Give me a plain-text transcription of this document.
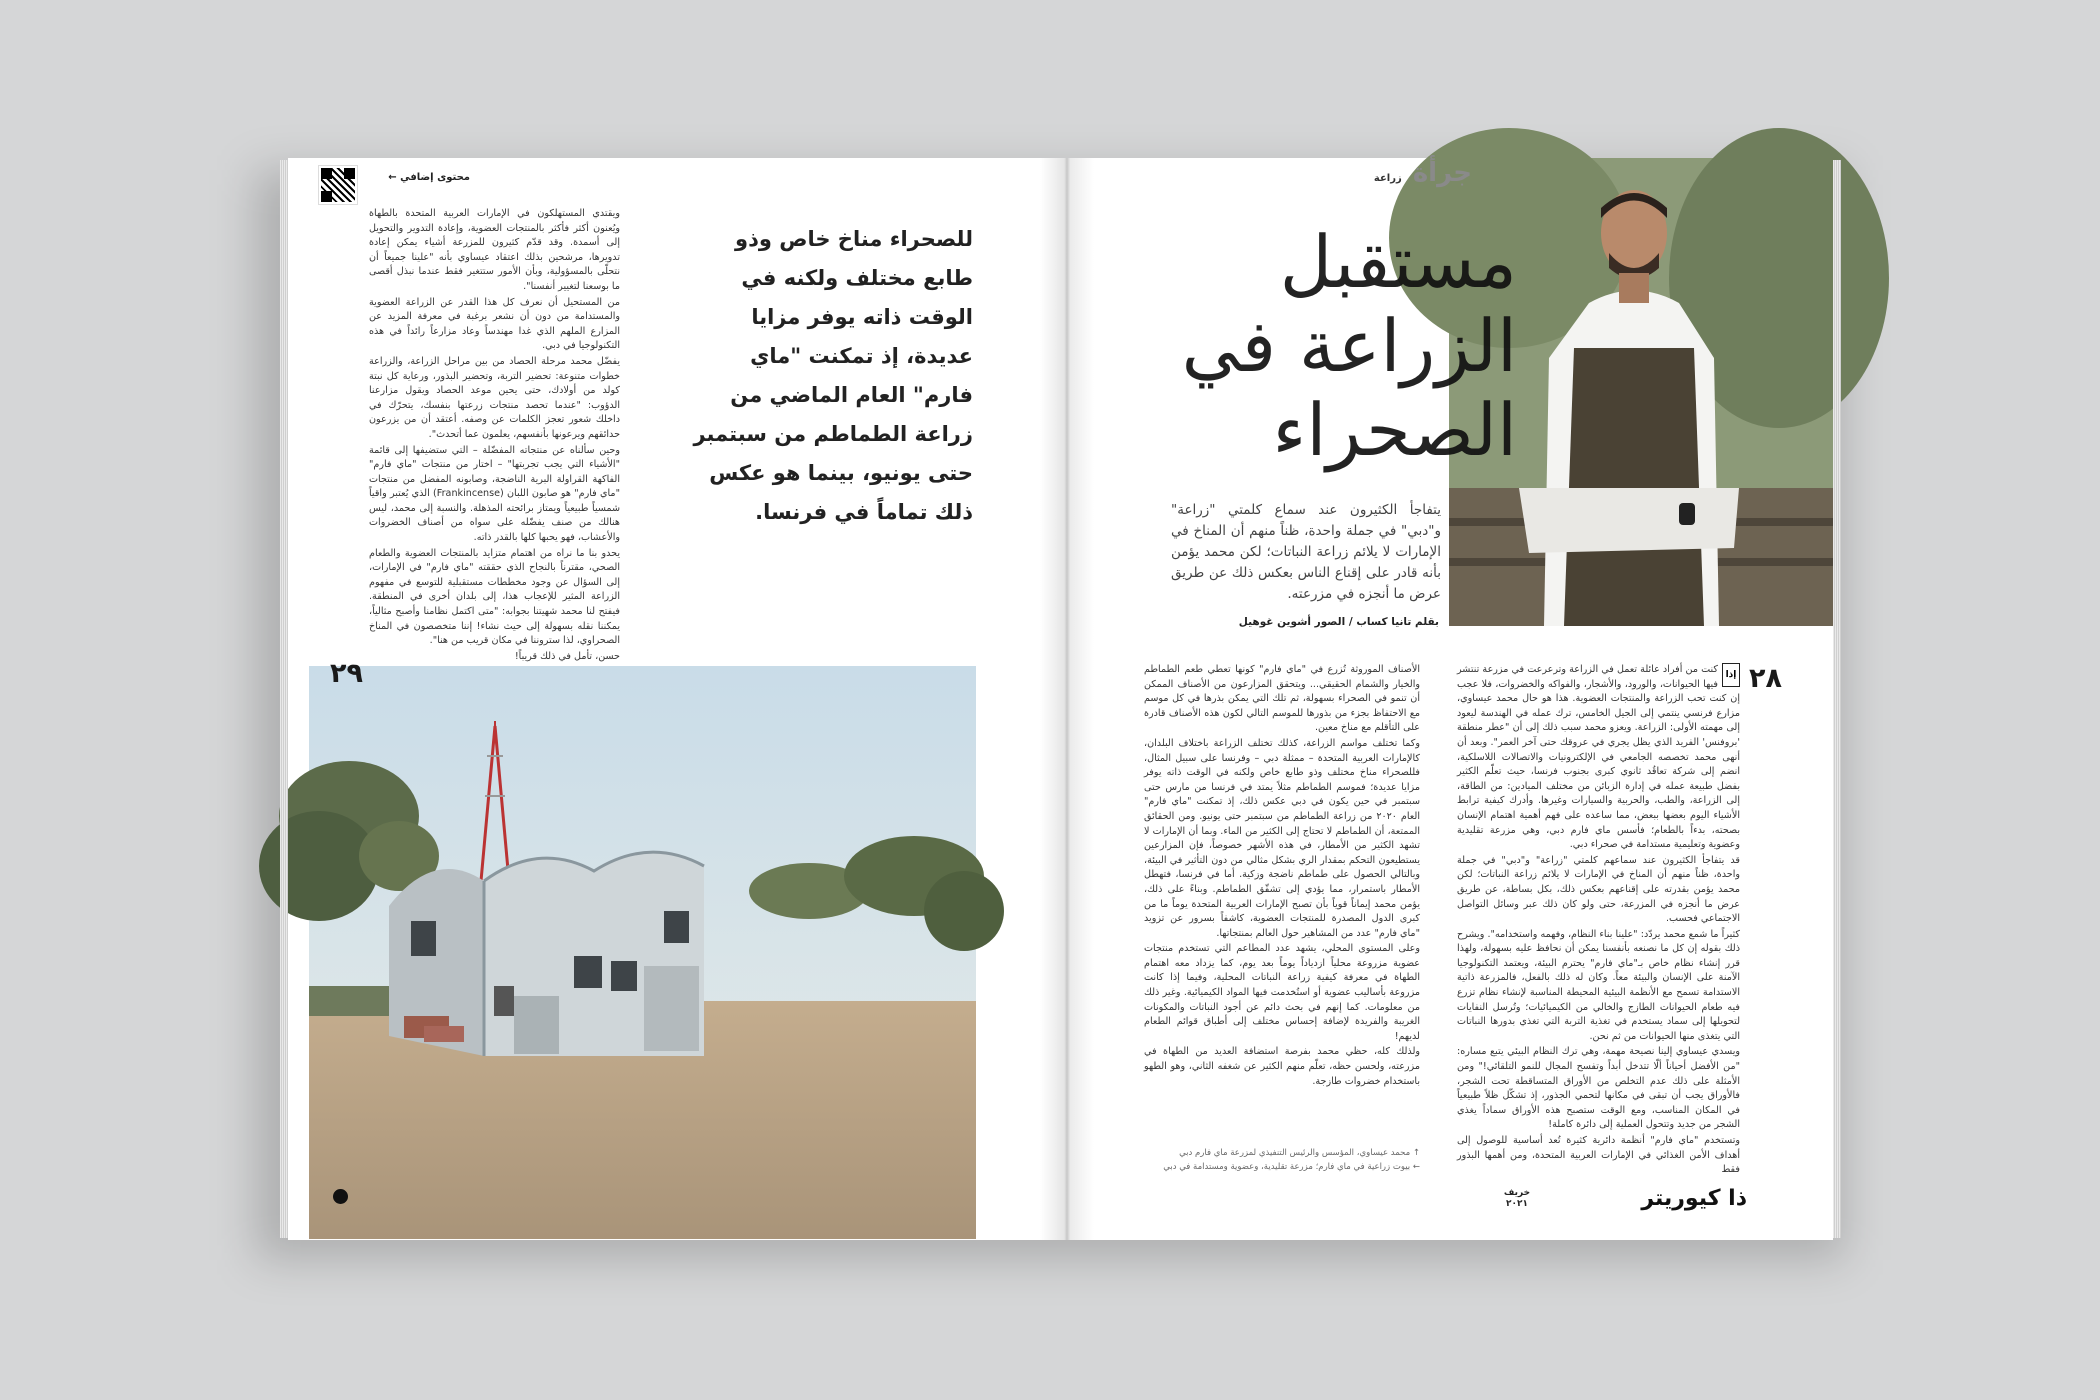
محتوى إضافي ←

ويقتدي المستهلكون في الإمارات العربية المتحدة بالطهاة ويُعنون أكثر فأكثر بالمنتجات العضوية، وإعادة التدوير والتحويل إلى أسمدة. وقد قدّم كثيرون للمزرعة أشياء يمكن إعادة تدويرها، مرشحين بذلك اعتقاد عيساوي بأنه "علينا جميعاً أن نتحلّى بالمسؤولية، وبأن الأمور ستتغير فقط عندما نبذل أقصى ما بوسعنا لتغيير أنفسنا".

من المستحيل أن نعرف كل هذا القدر عن الزراعة العضوية والمستدامة من دون أن نشعر برغبة في معرفة المزيد عن المزارع الملهم الذي غدا مهندساً وعاد مزارعاً رائداً في هذه التكنولوجيا في دبي.

يفضّل محمد مرحلة الحصاد من بين مراحل الزراعة، والزراعة خطوات متنوعة: تحضير التربة، وتحضير البذور، ورعاية كل نبتة كولد من أولادك، حتى يحين موعد الحصاد ويقول مزارعنا الدؤوب: "عندما تحصد منتجات زرعتها بنفسك، يتحرّك في داخلك شعور تعجز الكلمات عن وصفه. أعتقد أن من يزرعون حدائقهم ويرعونها بأنفسهم، يعلمون عما أتحدث".

وحين سألناه عن منتجاته المفضّلة – التي ستضيفها إلى قائمة "الأشياء التي يجب تجربتها" – اختار من منتجات "ماي فارم" الفاكهة القراولة البرية الناضجة، وصابونه المفضل من منتجات "ماي فارم" هو صابون اللبان (Frankincense) الذي يُعتبر واقياً شمسياً طبيعياً ويمتاز برائحته المذهلة. والنسبة إلى محمد، ليس هنالك من صنف يفضّله على سواه من أصناف الخضروات والأعشاب، فهو يحبها كلها بالقدر ذاته.

يحدو بنا ما نراه من اهتمام متزايد بالمنتجات العضوية والطعام الصحي، مقترناً بالنجاح الذي حققته "ماي فارم" في الإمارات، إلى السؤال عن وجود مخططات مستقبلية للتوسع في مفهوم الزراعة المثير للإعجاب هذا، إلى بلدان أخرى في المنطقة. فيفتح لنا محمد شهيتنا بجوابه: "متى اكتمل نظامنا وأصبح مثالياً، يمكننا نقله بسهولة إلى حيث نشاء! إننا متخصصون في المناخ الصحراوي، لذا ستروننا في مكان قريب من هنا".

حسن، تأمل في ذلك قريباً!

للصحراء مناخ خاص وذو طابع مختلف ولكنه في الوقت ذاته يوفر مزايا عديدة، إذ تمكنت "ماي فارم" العام الماضي من زراعة الطماطم من سبتمبر حتى يونيو، بينما هو عكس ذلك تماماً في فرنسا.
٢٩
جرأة زراعة
مستقبل الزراعة في الصحراء
يتفاجأ الكثيرون عند سماع كلمتي "زراعة" و"دبي" في جملة واحدة، ظناً منهم أن المناخ في الإمارات لا يلائم زراعة النباتات؛ لكن محمد يؤمن بأنه قادر على إقناع الناس بعكس ذلك عن طريق عرض ما أنجزه في مزرعته.
بقلم تانيا كساب / الصور أشوين غوهيل
٢٨
إذا

كنت من أفراد عائلة تعمل في الزراعة وترعرعت في مزرعة تنتشر فيها الحيوانات، والورود، والأشجار، والفواكه والخضروات، فلا عجب إن كنت تحب الزراعة والمنتجات العضوية. هذا هو حال محمد عيساوي، مزارع فرنسي ينتمي إلى الجيل الخامس، ترك عمله في الهندسة ليعود إلى مهمته الأولى: الزراعة. ويعزو محمد سبب ذلك إلى أن "عطر منطقة 'بروفنس' الفريد الذي يظل يجري في عروقك حتى آخر العمر". وبعد أن أنهى محمد تخصصه الجامعي في الإلكترونيات والاتصالات اللاسلكية، انضم إلى شركة تعاقُد ثانوي كبرى بجنوب فرنسا، حيث تعلّم الكثير بفضل طبيعة عمله في إدارة الزبائن من مختلف الميادين: من الطاقة، إلى الزراعة، والطب، والحربية والسيارات وغيرها. وأدرك كيفية ترابط الأشياء اليوم بعضها ببعض، مما ساعده على فهم أهمية اهتمام الإنسان بصحته، بدءاً بالطعام؛ فأسس ماي فارم دبي، وهي مزرعة تقليدية وعضوية وتعليمية مستدامة في صحراء دبي.

قد يتفاجأ الكثيرون عند سماعهم كلمتي "زراعة" و"دبي" في جملة واحدة، ظناً منهم أن المناخ في الإمارات لا يلائم زراعة النباتات؛ لكن محمد يؤمن بقدرته على إقناعهم بعكس ذلك، بكل بساطة، عن طريق عرض ما أنجزه في المزرعة، حتى ولو كان ذلك عبر وسائل التواصل الاجتماعي فحسب.

كثيراً ما شمع محمد يردّد: "علينا بناء النظام، وفهمه واستخدامه". ويشرح ذلك بقوله إن كل ما نصنعه بأنفسنا يمكن أن نحافظ عليه بسهولة، ولهذا قرر إنشاء نظام خاص بـ"ماي فارم" يحترم البيئة، ويعتمد التكنولوجيا الآمنة على الإنسان والبيئة معاً. وكان له ذلك بالفعل، فالمزرعة ذاتية الاستدامة تسمح مع الأنظمة البيئية المحيطة المناسبة لإنشاء نظام تزرع فيه طعام الحيوانات الطازج والخالي من الكيميائيات؛ وتُرسل النفايات لتحويلها إلى سماد يستخدم في تغذية التربة التي تغذي بدورها النباتات التي يتغذى منها الحيوانات من ثم نحن.

ويسدي عيساوي إلينا نصيحة مهمة، وهي ترك النظام البيئي يتبع مساره: "من الأفضل أحياناً ألّا تتدخل أبداً وتفسح المجال للنمو التلقائي!" ومن الأمثلة على ذلك عدم التخلص من الأوراق المتساقطة تحت الشجر، فالأوراق يجب أن تبقى في مكانها لتحمي الجذور، إذ تشكّل ظلاً طبيعياً في المكان المناسب، ومع الوقت ستصبح هذه الأوراق سماداً يغذي الشجر من جديد وتتحول العملية إلى دائرة كاملة!

وتستخدم "ماي فارم" أنظمة دائرية كثيرة تُعد أساسية للوصول إلى أهداف الأمن الغذائي في الإمارات العربية المتحدة، ومن أهمها البذور فقط

الأصناف الموروثة تُزرع في "ماي فارم" كونها تعطي طعم الطماطم والخيار والشمام الحقيقي... ويتحقق المزارعون من الأصناف الممكن أن تنمو في الصحراء بسهولة، ثم تلك التي يمكن بذرها في كل موسم مع الاحتفاظ بجزء من بذورها للموسم التالي لكون هذه الأصناف قادرة على التأقلم مع مناخ معين.

وكما تختلف مواسم الزراعة، كذلك تختلف الزراعة باختلاف البلدان، كالإمارات العربية المتحدة – ممثلة دبي – وفرنسا على سبيل المثال، فللصحراء مناخ مختلف وذو طابع خاص ولكنه في الوقت ذاته يوفر مزايا عديدة؛ فموسم الطماطم مثلاً يمتد في فرنسا من مارس حتى سبتمبر في حين يكون في دبي عكس ذلك، إذ تمكنت "ماي فارم" العام ٢٠٢٠ من زراعة الطماطم من سبتمبر حتى يونيو. ومن الحقائق الممتعة، أن الطماطم لا تحتاج إلى الكثير من الماء. وبما أن الإمارات لا تشهد الكثير من الأمطار، في هذه الأشهر خصوصاً، فإن المزارعين يستطيعون التحكم بمقدار الري بشكل مثالي من دون التأثير في البيئة، وبالتالي الحصول على طماطم ناضجة وزكية. أما في فرنسا، فتهطل الأمطار باستمرار، مما يؤدي إلى تشقّق الطماطم. وبناءً على ذلك، يؤمن محمد إيماناً قوياً بأن تصبح الإمارات العربية المتحدة يوماً ما من كبرى الدول المصدرة للمنتجات العضوية، كاشفاً بسرور عن تزويد "ماي فارم" عدد من المشاهير حول العالم بمنتجاتها.

وعلى المستوى المحلي، يشهد عدد المطاعم التي تستخدم منتجات عضوية مزروعة محلياً ازدياداً يوماً بعد يوم، كما يزداد معه اهتمام الطهاة في معرفة كيفية زراعة النباتات المحلية، وفيما إذا كانت مزروعة بأساليب عضوية أو استُخدمت فيها المواد الكيميائية. وغير ذلك من معلومات. كما إنهم في بحث دائم عن أجود النباتات والمكونات الغريبة والفريدة لإضافة إحساس مختلف إلى أطباق قوائم الطعام لديهم!

ولذلك كله، حظي محمد بفرصة استضافة العديد من الطهاة في مزرعته، ولحسن حظه، تعلّم منهم الكثير عن شغفه الثاني، وهو الطهو باستخدام خضروات طازجة.

↑ محمد عيساوي، المؤسس والرئيس التنفيذي لمزرعة ماي فارم دبي
← بيوت زراعية في ماي فارم؛ مزرعة تقليدية، وعضوية ومستدامة في دبي
ذا كيوريتر
خريف
٢٠٢١
